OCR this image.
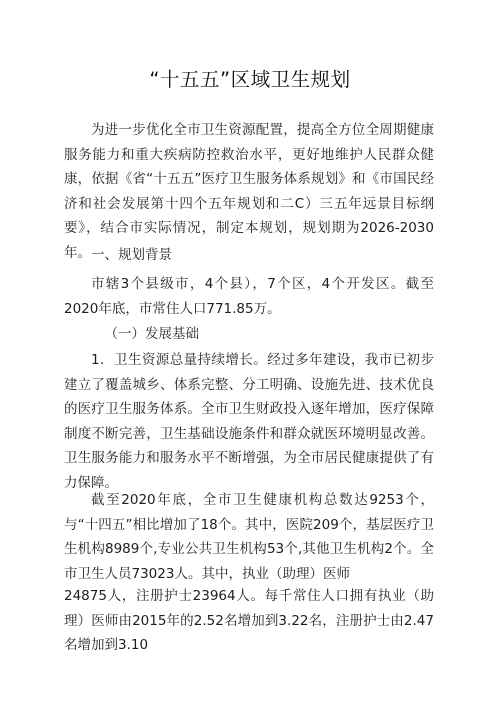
“十五五”区域卫生规划

为进一步优化全市卫生资源配置，提高全方位全周期健康服务能力和重大疾病防控救治水平，更好地维护人民群众健康，依据《省“十五五”医疗卫生服务体系规划》和《市国民经济和社会发展第十四个五年规划和二C）三五年远景目标纲要》，结合市实际情况，制定本规划，规划期为2026-2030年。 一、规划背景

市辖3个县级市，4个县），7个区，4个开发区。截至2020年底，市常住人口771.85万。

（一）发展基础

1．卫生资源总量持续增长。经过多年建设，我市已初步建立了覆盖城乡、体系完整、分工明确、设施先进、技术优良的医疗卫生服务体系。全市卫生财政投入逐年增加，医疗保障制度不断完善，卫生基础设施条件和群众就医环境明显改善。卫生服务能力和服务水平不断增强，为全市居民健康提供了有力保障。

截至2020年底，全市卫生健康机构总数达9253个，与“十四五”相比增加了18个。其中，医院209个，基层医疗卫生机构8989个,专业公共卫生机构53个,其他卫生机构2个。全市卫生人员73023人。其中，执业（助理）医师

24875人，注册护士23964人。每千常住人口拥有执业（助理）医师由2015年的2.52名增加到3.22名，注册护士由2.47名增加到3.10
